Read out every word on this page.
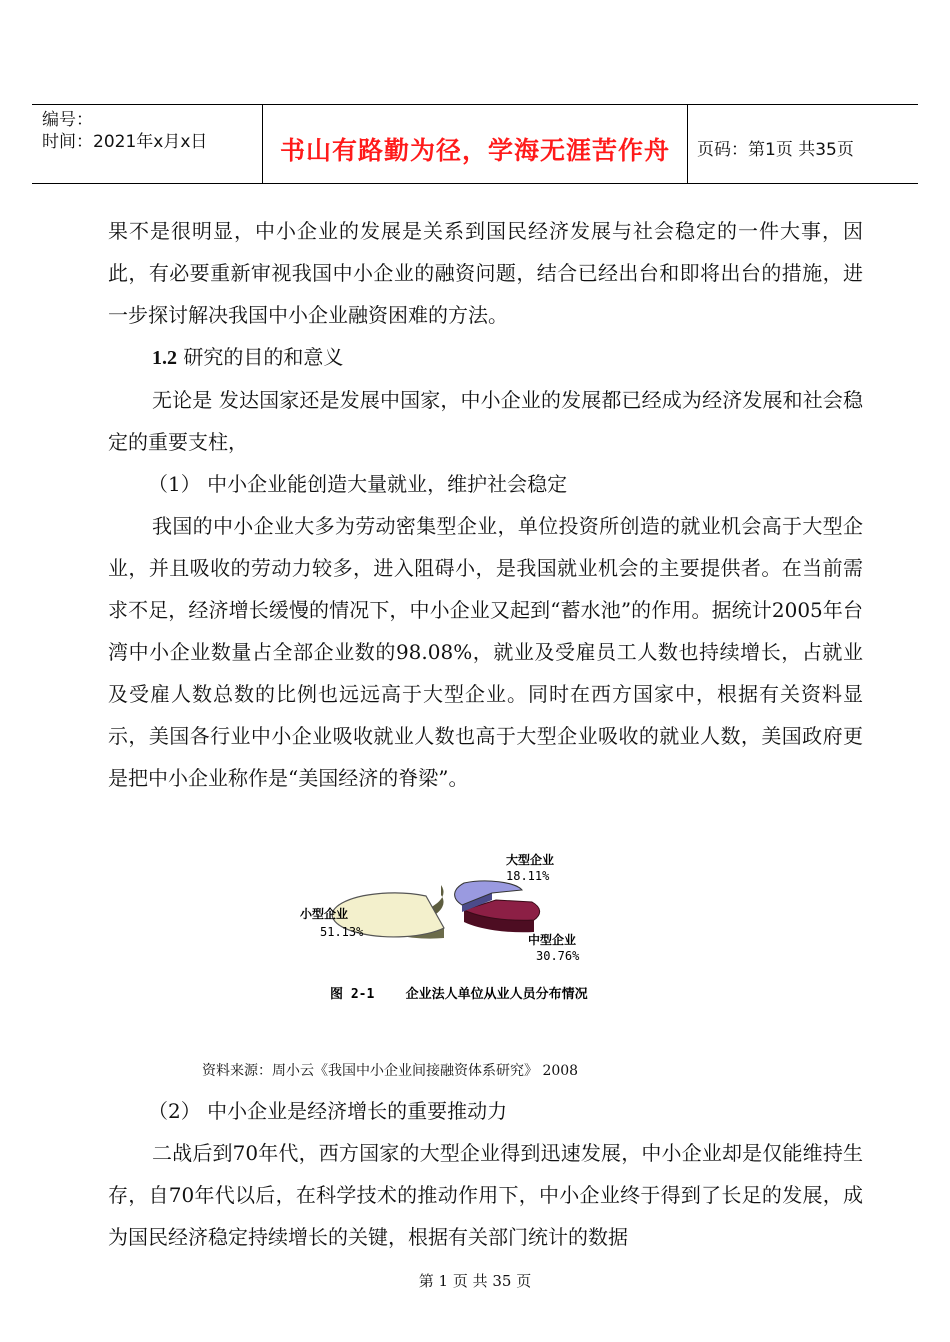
编号：
时间：2021年x月x日	书山有路勤为径，学海无涯苦作舟	页码：第1页 共35页

果不是很明显，中小企业的发展是关系到国民经济发展与社会稳定的一件大事，因此，有必要重新审视我国中小企业的融资问题，结合已经出台和即将出台的措施，进一步探讨解决我国中小企业融资困难的方法。

1.2 研究的目的和意义

无论是 发达国家还是发展中国家，中小企业的发展都已经成为经济发展和社会稳定的重要支柱，

（1） 中小企业能创造大量就业，维护社会稳定

我国的中小企业大多为劳动密集型企业，单位投资所创造的就业机会高于大型企业，并且吸收的劳动力较多，进入阻碍小，是我国就业机会的主要提供者。在当前需求不足，经济增长缓慢的情况下，中小企业又起到“蓄水池”的作用。据统计2005年台湾中小企业数量占全部企业数的98.08%，就业及受雇员工人数也持续增长，占就业及受雇人数总数的比例也远远高于大型企业。同时在西方国家中，根据有关资料显示，美国各行业中小企业吸收就业人数也高于大型企业吸收的就业人数，美国政府更是把中小企业称作是“美国经济的脊梁”。

大型企业
18.11%
中型企业
30.76%
小型企业
51.13%
图 2-1    企业法人单位从业人员分布情况
资料来源：周小云《我国中小企业间接融资体系研究》 2008

（2） 中小企业是经济增长的重要推动力

二战后到70年代，西方国家的大型企业得到迅速发展，中小企业却是仅能维持生存，自70年代以后，在科学技术的推动作用下，中小企业终于得到了长足的发展，成为国民经济稳定持续增长的关键，根据有关部门统计的数据

第 1 页 共 35 页
